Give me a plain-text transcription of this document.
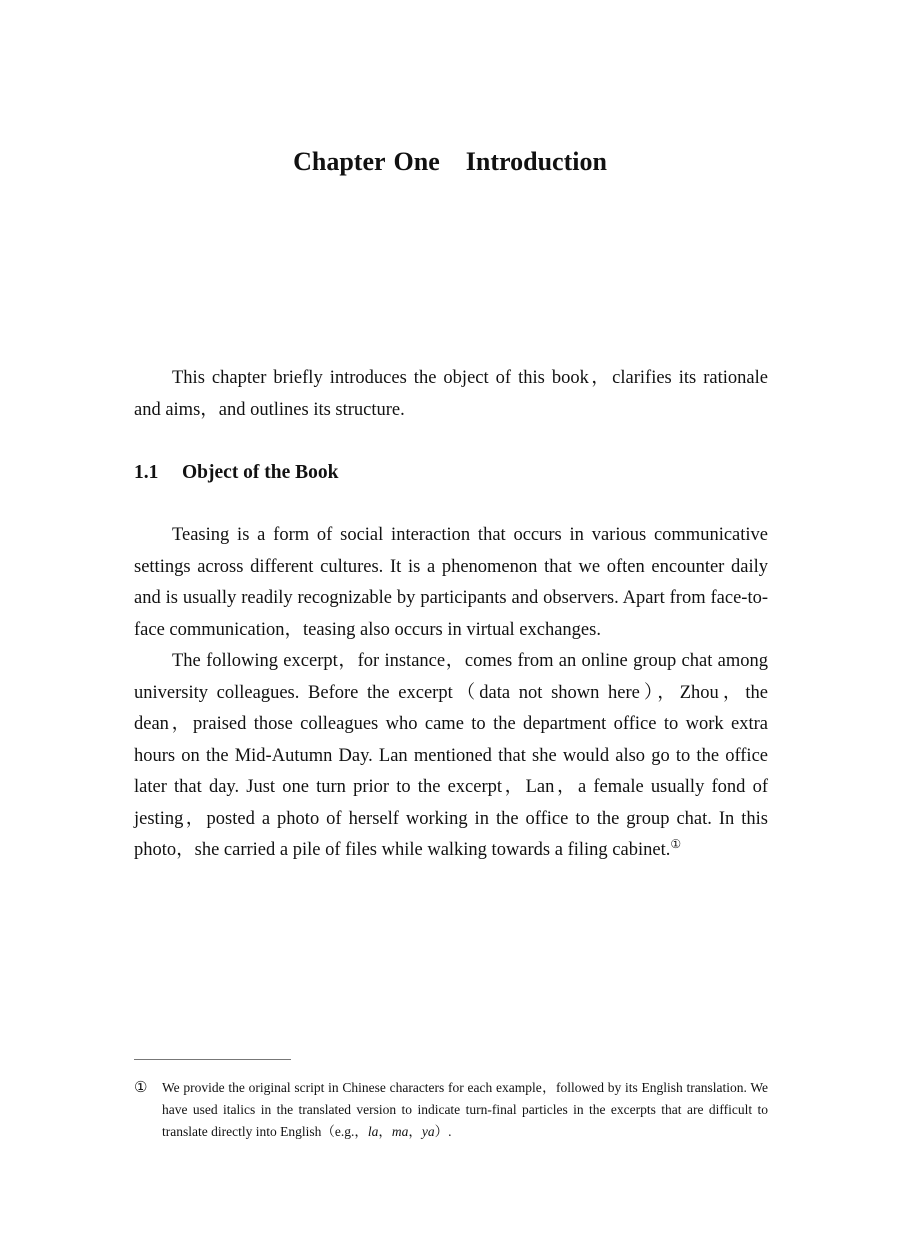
Chapter One Introduction

This chapter briefly introduces the object of this book，clarifies its rationale and aims，and outlines its structure.

1.1 Object of the Book

Teasing is a form of social interaction that occurs in various communicative settings across different cultures. It is a phenomenon that we often encounter daily and is usually readily recognizable by participants and observers. Apart from face-to-face communication，teasing also occurs in virtual exchanges.

The following excerpt，for instance，comes from an online group chat among university colleagues. Before the excerpt（data not shown here），Zhou，the dean，praised those colleagues who came to the department office to work extra hours on the Mid-Autumn Day. Lan mentioned that she would also go to the office later that day. Just one turn prior to the excerpt，Lan，a female usually fond of jesting，posted a photo of herself working in the office to the group chat. In this photo，she carried a pile of files while walking towards a filing cabinet.①

① We provide the original script in Chinese characters for each example，followed by its English translation. We have used italics in the translated version to indicate turn-final particles in the excerpts that are difficult to translate directly into English（e.g.，la，ma，ya）.
